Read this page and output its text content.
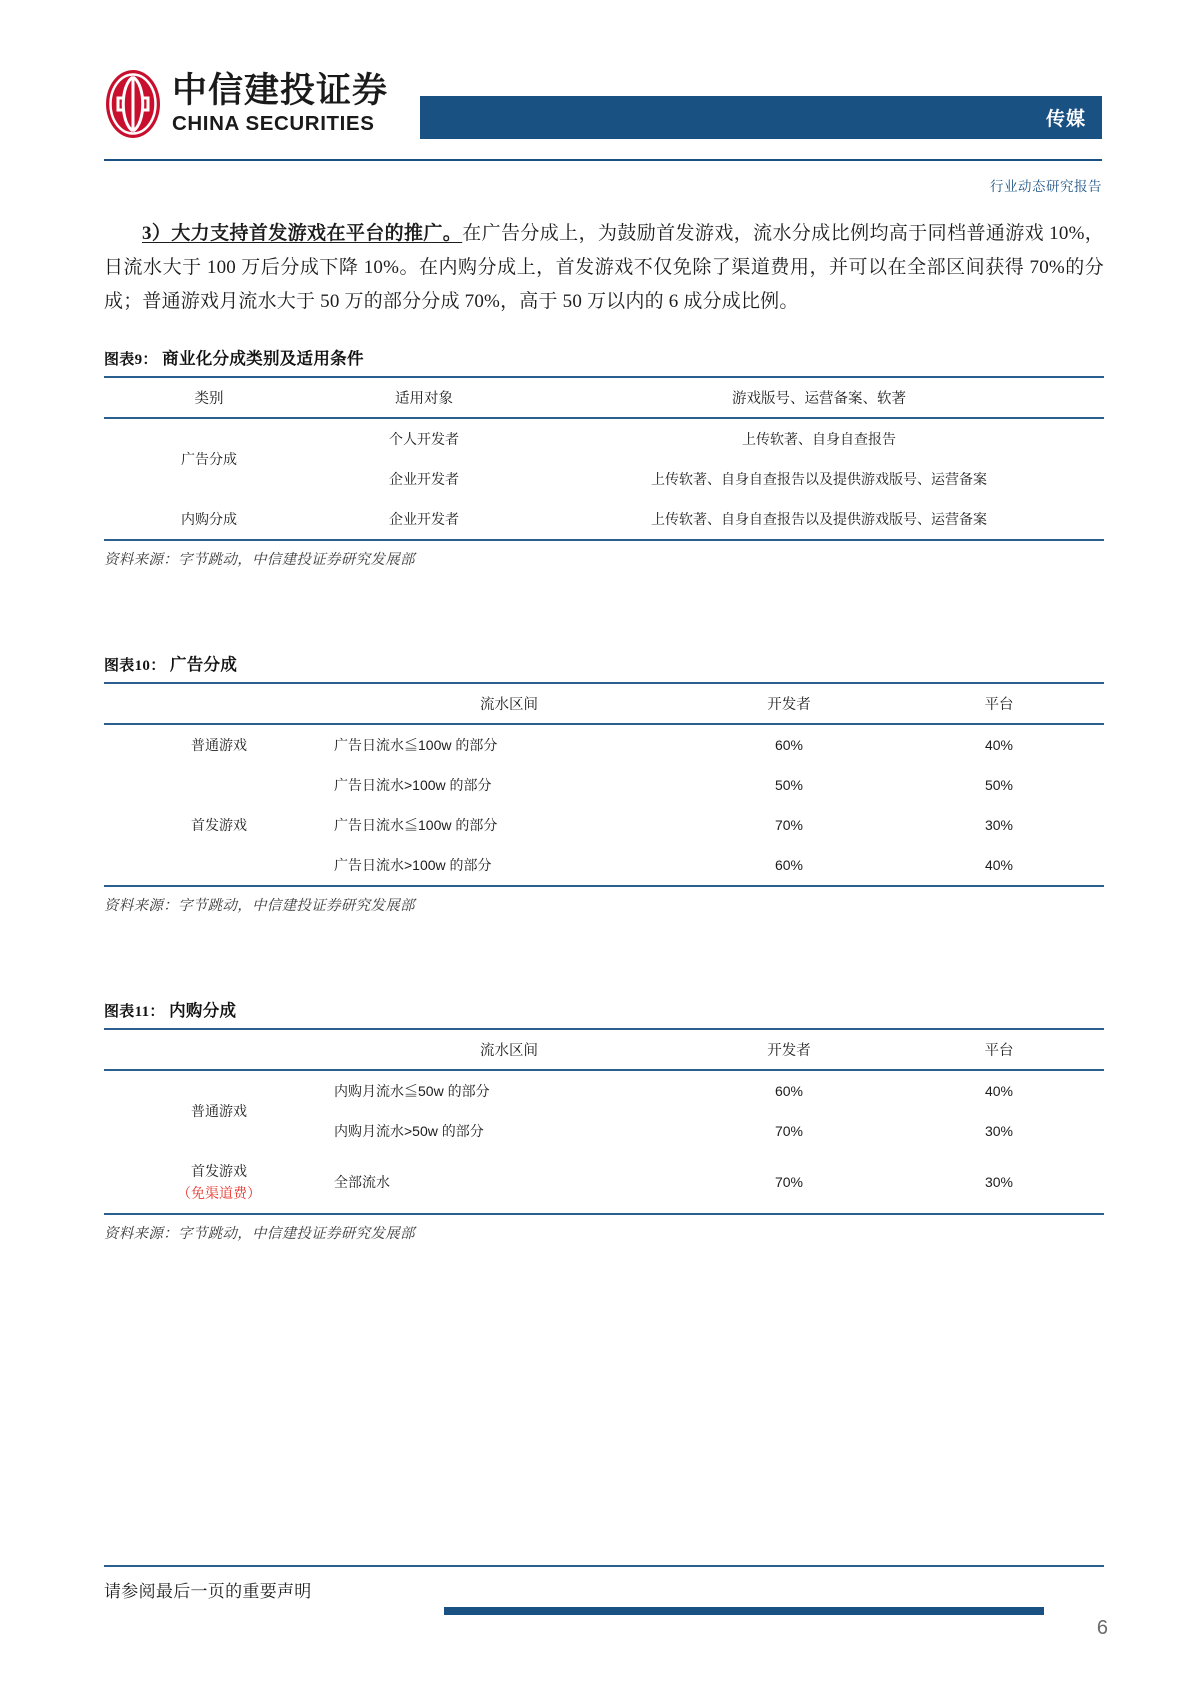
中信建投证券
CHINA SECURITIES	传媒
行业动态研究报告

3）大力支持首发游戏在平台的推广。在广告分成上，为鼓励首发游戏，流水分成比例均高于同档普通游戏 10%，日流水大于 100 万后分成下降 10%。在内购分成上，首发游戏不仅免除了渠道费用，并可以在全部区间获得 70%的分成；普通游戏月流水大于 50 万的部分分成 70%，高于 50 万以内的 6 成分成比例。

图表9： 商业化分成类别及适用条件
类别	适用对象	游戏版号、运营备案、软著
广告分成	个人开发者	上传软著、自身自查报告
	企业开发者	上传软著、自身自查报告以及提供游戏版号、运营备案
内购分成	企业开发者	上传软著、自身自查报告以及提供游戏版号、运营备案
资料来源：字节跳动，中信建投证券研究发展部
图表10： 广告分成
	流水区间	开发者	平台
普通游戏	广告日流水≦100w 的部分	60%	40%
	广告日流水>100w 的部分	50%	50%
首发游戏	广告日流水≦100w 的部分	70%	30%
	广告日流水>100w 的部分	60%	40%
资料来源：字节跳动，中信建投证券研究发展部
图表11： 内购分成
	流水区间	开发者	平台
普通游戏	内购月流水≦50w 的部分	60%	40%
	内购月流水>50w 的部分	70%	30%
首发游戏
（免渠道费）	全部流水	70%	30%
资料来源：字节跳动，中信建投证券研究发展部
请参阅最后一页的重要声明
6
